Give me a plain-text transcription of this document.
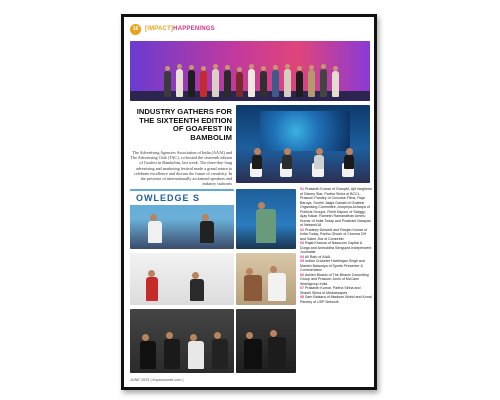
16	[IMPACT]HAPPENINGS
INDUSTRY GATHERS FOR THE SIXTEENTH EDITION OF GOAFEST IN BAMBOLIM
The Advertising Agencies Association of India (AAAI) and The Advertising Club (TAC), co-hosted the sixteenth edition of Goafest in Bambolim, last week. The three-day-long advertising and marketing festival made a grand return to celebrate excellence and discuss the future of creativity. In the presence of internationally acclaimed speakers and industry stalwarts
OWLEDGE S
01 Prasanth Kumar of GroupM, Ajit Varghese of Disney Star, Partha Sinha of BCCL, Prasoon Pandey of Corcoise Films, Raja Baroya, Sudhir Jalaja Gairaki of Goafest Organising Committee, Anupriya Acharya of Publicis Groupe, Rohit Kapoor of Swiggy, Ajay Kakar, Ramesh Ramanathan Ammu Kumar of India Today and Prashant Narayan of Network18
02 Pradeep Dwivedi and Ranjan Kumar of India Today, Partho Ghosh of Chroma DH and Saket Jha of Comorbid
03 Rajat Khanna of Nasscom Capital & Durga and Aniruddha Sengupta Independent Journalist
04 Ali Rafu of AAAI
05 Indian Cricketer Harbhajan Singh and Manish Balaoriya of Sports Presenter & Commentator
06 Ashish Bhasin of The Bhasin Consulting Group and Prasoon Joshi of McCann Worldgroup India
07 Prasanth Kumar, Partha Sinha and Shashi Sinha of Mediascapes
08 Sam Balsara of Madison World and Kunal Pandey of USP Network
JUNE 2023 | impactonnet.com |
